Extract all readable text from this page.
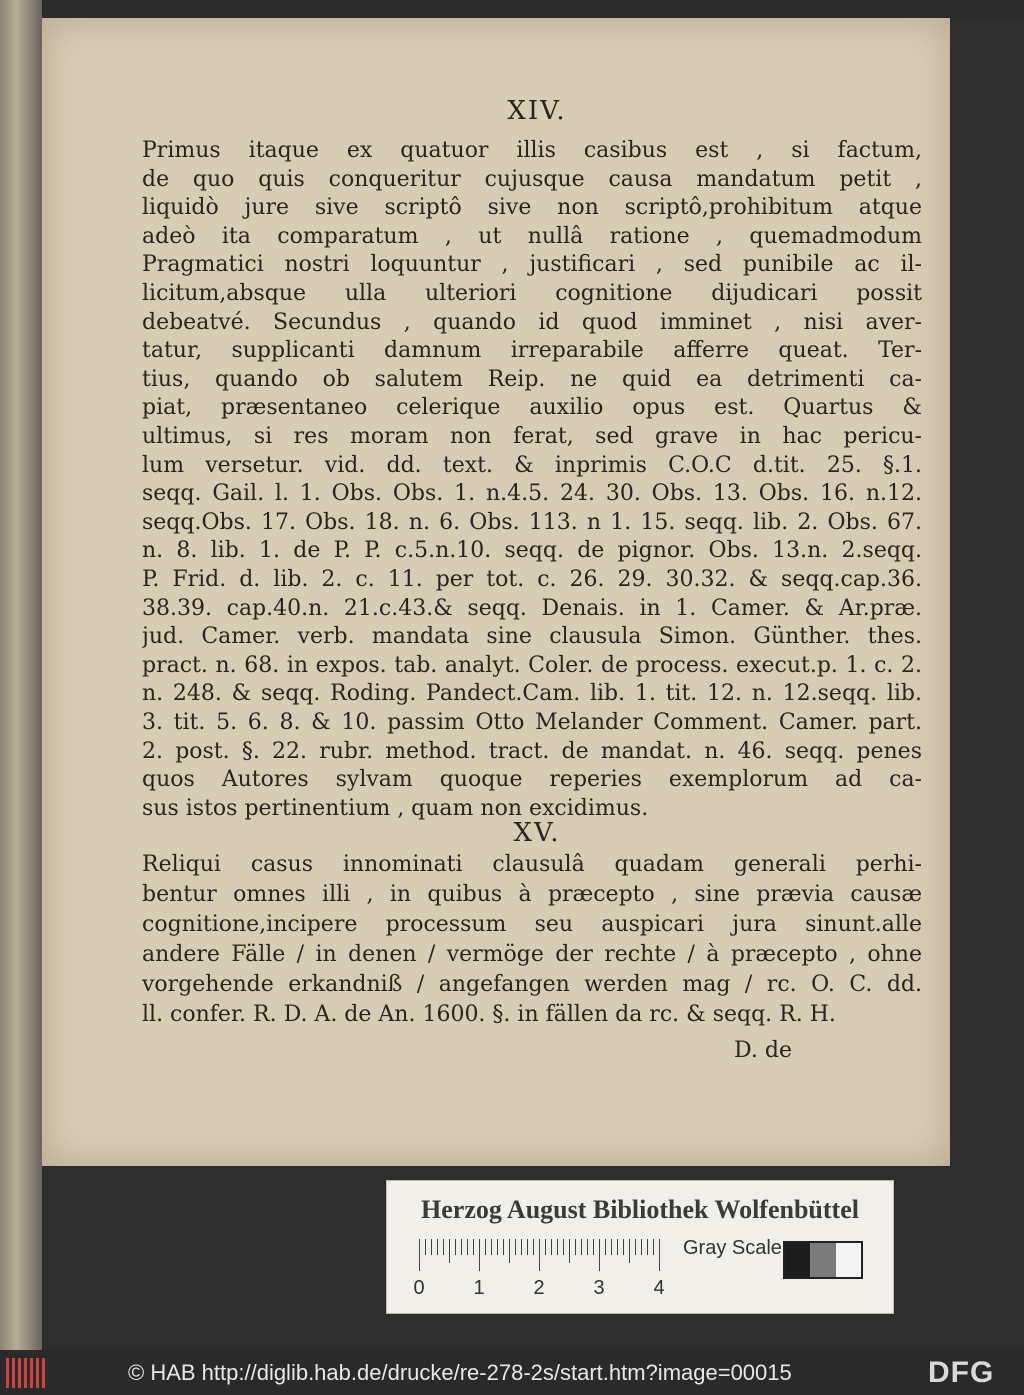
XIV.
Primus itaque ex quatuor illis casibus est , si factum,
de quo quis conqueritur cujusque causa mandatum petit ,
liquidò jure sive scriptô sive non scriptô,prohibitum atque
adeò ita comparatum , ut nullâ ratione , quemadmodum
Pragmatici nostri loquuntur , justificari , sed punibile ac il-
licitum,absque ulla ulteriori cognitione dijudicari possit
debeatvé. Secundus , quando id quod imminet , nisi aver-
tatur, supplicanti damnum irreparabile afferre queat. Ter-
tius, quando ob salutem Reip. ne quid ea detrimenti ca-
piat, præsentaneo celerique auxilio opus est. Quartus &
ultimus, si res moram non ferat, sed grave in hac pericu-
lum versetur. vid. dd. text. & inprimis C.O.C d.tit. 25. §.1.
seqq. Gail. l. 1. Obs. Obs. 1. n.4.5. 24. 30. Obs. 13. Obs. 16. n.12.
seqq.Obs. 17. Obs. 18. n. 6. Obs. 113. n 1. 15. seqq. lib. 2. Obs. 67.
n. 8. lib. 1. de P. P. c.5.n.10. seqq. de pignor. Obs. 13.n. 2.seqq.
P. Frid. d. lib. 2. c. 11. per tot. c. 26. 29. 30.32. & seqq.cap.36.
38.39. cap.40.n. 21.c.43.& seqq. Denais. in 1. Camer. & Ar.præ.
jud. Camer. verb. mandata sine clausula Simon. Günther. thes.
pract. n. 68. in expos. tab. analyt. Coler. de process. execut.p. 1. c. 2.
n. 248. & seqq. Roding. Pandect.Cam. lib. 1. tit. 12. n. 12.seqq. lib.
3. tit. 5. 6. 8. & 10. passim Otto Melander Comment. Camer. part.
2. post. §. 22. rubr. method. tract. de mandat. n. 46. seqq. penes
quos Autores sylvam quoque reperies exemplorum ad ca-
sus istos pertinentium , quam non excidimus.
XV.
Reliqui casus innominati clausulâ quadam generali perhi-
bentur omnes illi , in quibus à præcepto , sine prævia causæ
cognitione,incipere processum seu auspicari jura sinunt.alle
andere Fälle / in denen / vermöge der rechte / à præcepto , ohne
vorgehende erkandniß / angefangen werden mag / rc. O. C. dd.
ll. confer. R. D. A. de An. 1600. §. in fällen da rc. & seqq. R. H.
D. de
Herzog August Bibliothek Wolfenbüttel
0 1 2 3 4
Gray Scale
© HAB http://diglib.hab.de/drucke/re-278-2s/start.htm?image=00015	DFG
